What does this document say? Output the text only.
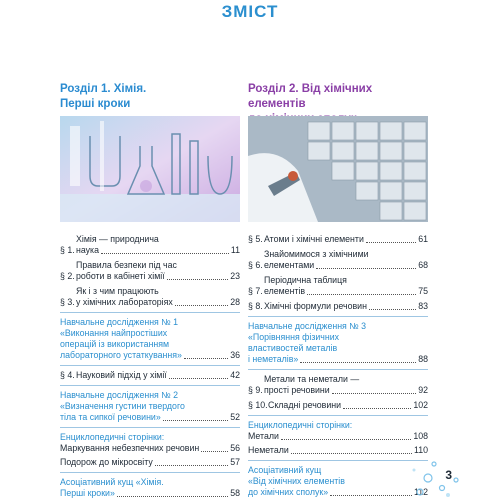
ЗМІСТ
Розділ 1. Хімія.
Перші кроки
§ 1.
Хімія — природнича
наука	11
§ 2.
Правила безпеки під час
роботи в кабінеті хімії	23
§ 3.
Як і з чим працюють
у хімічних лабораторіях	28
Навчальне дослідження № 1
«Виконання найпростіших
операцій із використанням
лабораторного устаткування»	36
§ 4. Науковий підхід у хімії	42
Навчальне дослідження № 2
«Визначення густини твердого
тіла та сипкої речовини»	52
Енциклопедичні сторінки:
Маркування небезпечних речовин	56
Подорож до мікросвіту	57
Асоціативний кущ «Хімія.
Перші кроки»	58
Розділ 2. Від хімічних елементів
§ 5. Атоми і хімічні елементи	61
§ 6.
Знайомимося з хімічними
елементами	68
§ 7.
Періодична таблиця
елементів	75
§ 8. Хімічні формули речовин	83
Навчальне дослідження № 3
«Порівняння фізичних
властивостей металів
і неметалів»	88
§ 9.
Метали та неметали —
прості речовини	92
§ 10. Складні речовини	102
Енциклопедичні сторінки:
Метали	108
Неметали	110
Асоціативний кущ
«Від хімічних елементів
до хімічних сполук»	112
3
